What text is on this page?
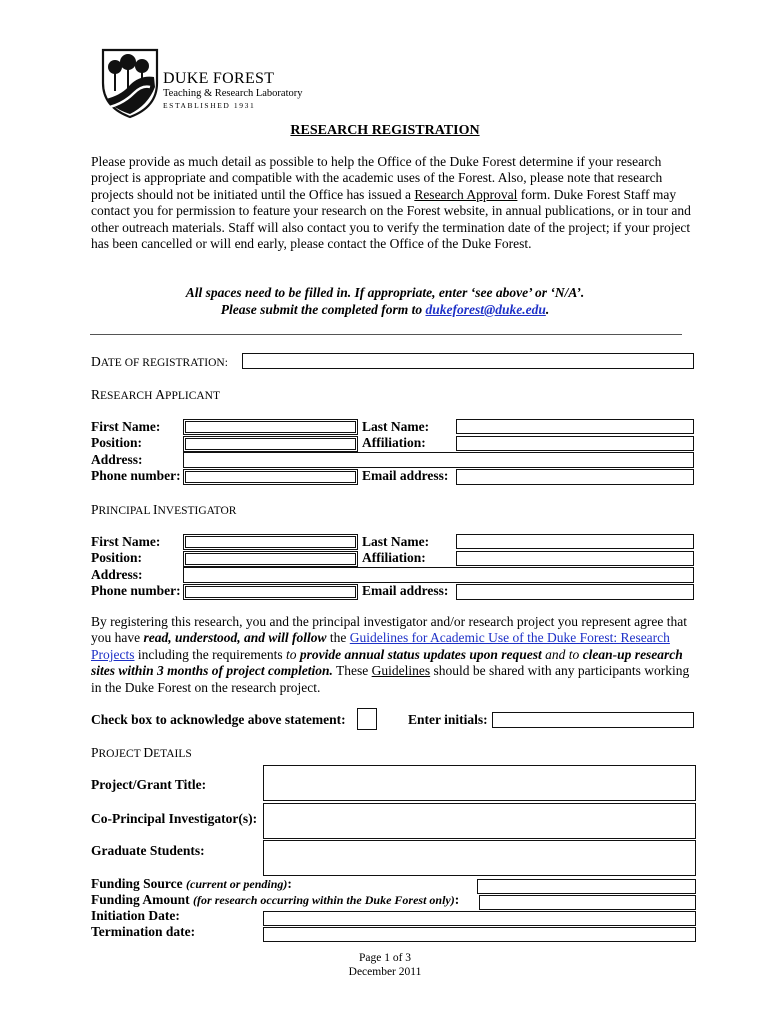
DUKE FOREST
Teaching & Research Laboratory
ESTABLISHED 1931
RESEARCH REGISTRATION
Please provide as much detail as possible to help the Office of the Duke Forest determine if your research project is appropriate and compatible with the academic uses of the Forest. Also, please note that research projects should not be initiated until the Office has issued a Research Approval form. Duke Forest Staff may contact you for permission to feature your research on the Forest website, in annual publications, or in tour and other outreach materials. Staff will also contact you to verify the termination date of the project; if your project has been cancelled or will end early, please contact the Office of the Duke Forest.
All spaces need to be filled in. If appropriate, enter ‘see above’ or ‘N/A’.
Please submit the completed form to dukeforest@duke.edu.
DATE OF REGISTRATION:
RESEARCH APPLICANT
First Name:	Last Name:
Position:	Affiliation:
Address:
Phone number:	Email address:
PRINCIPAL INVESTIGATOR
First Name:	Last Name:
Position:	Affiliation:
Address:
Phone number:	Email address:
By registering this research, you and the principal investigator and/or research project you represent agree that you have read, understood, and will follow the Guidelines for Academic Use of the Duke Forest: Research Projects including the requirements to provide annual status updates upon request and to clean-up research sites within 3 months of project completion. These Guidelines should be shared with any participants working in the Duke Forest on the research project.
Check box to acknowledge above statement:	Enter initials:
PROJECT DETAILS
Project/Grant Title:
Co-Principal Investigator(s):
Graduate Students:
Funding Source (current or pending):
Funding Amount (for research occurring within the Duke Forest only):
Initiation Date:
Termination date:
Page 1 of 3
December 2011
